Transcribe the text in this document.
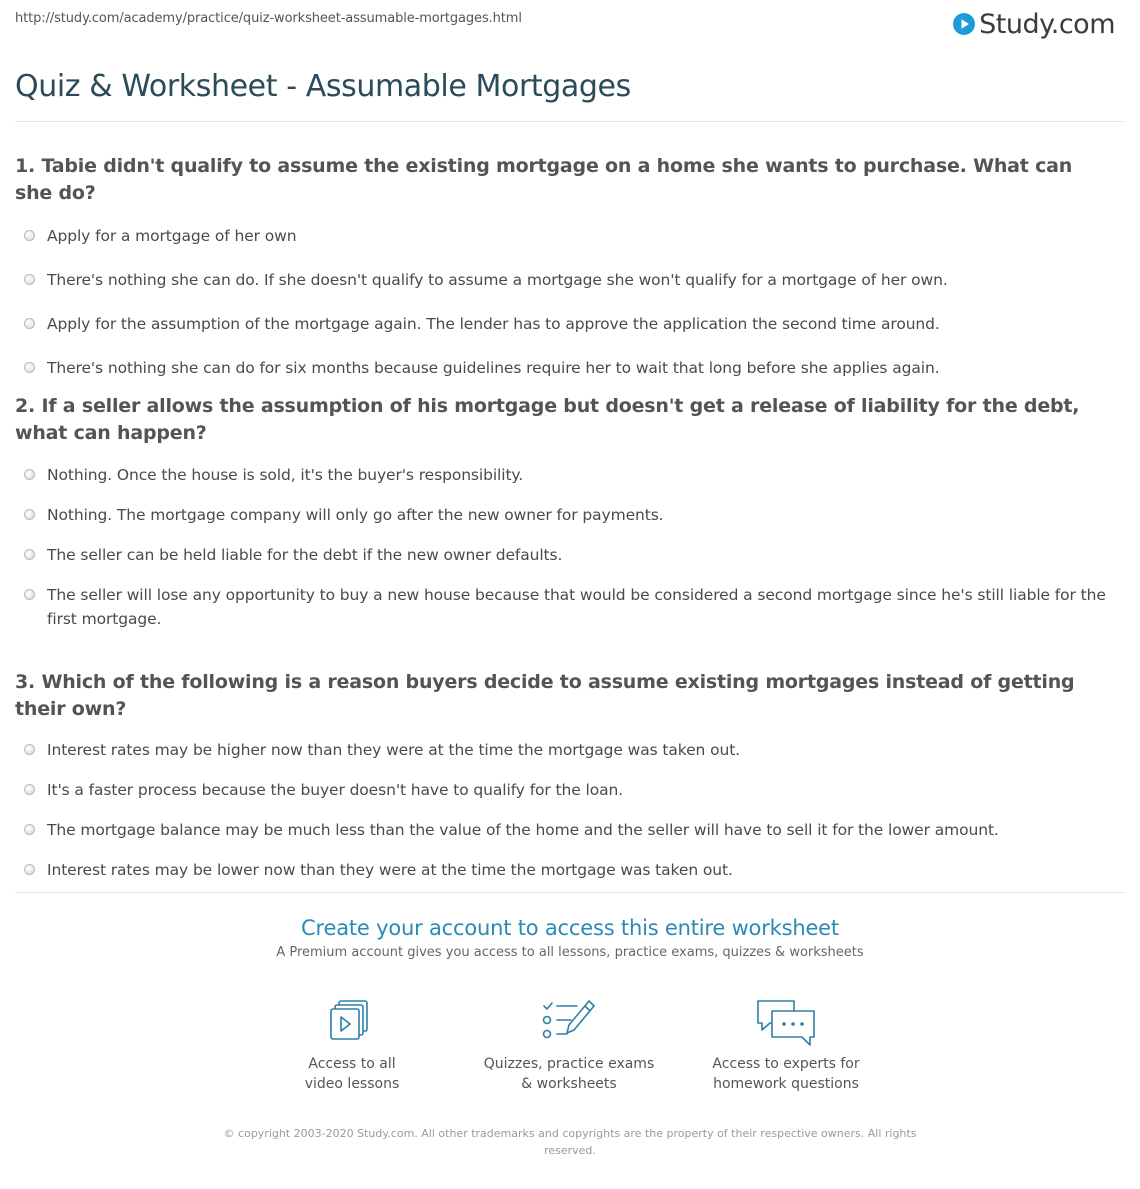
http://study.com/academy/practice/quiz-worksheet-assumable-mortgages.html	Study.com
Quiz & Worksheet - Assumable Mortgages

1. Tabie didn't qualify to assume the existing mortgage on a home she wants to purchase. What can she do?

Apply for a mortgage of her own
There's nothing she can do. If she doesn't qualify to assume a mortgage she won't qualify for a mortgage of her own.
Apply for the assumption of the mortgage again. The lender has to approve the application the second time around.
There's nothing she can do for six months because guidelines require her to wait that long before she applies again.

2. If a seller allows the assumption of his mortgage but doesn't get a release of liability for the debt, what can happen?

Nothing. Once the house is sold, it's the buyer's responsibility.
Nothing. The mortgage company will only go after the new owner for payments.
The seller can be held liable for the debt if the new owner defaults.
The seller will lose any opportunity to buy a new house because that would be considered a second mortgage since he's still liable for the first mortgage.

3. Which of the following is a reason buyers decide to assume existing mortgages instead of getting their own?

Interest rates may be higher now than they were at the time the mortgage was taken out.
It's a faster process because the buyer doesn't have to qualify for the loan.
The mortgage balance may be much less than the value of the home and the seller will have to sell it for the lower amount.
Interest rates may be lower now than they were at the time the mortgage was taken out.
Create your account to access this entire worksheet
A Premium account gives you access to all lessons, practice exams, quizzes & worksheets
Access to all
video lessons
Quizzes, practice exams
& worksheets
Access to experts for
homework questions
© copyright 2003-2020 Study.com. All other trademarks and copyrights are the property of their respective owners. All rights
reserved.
